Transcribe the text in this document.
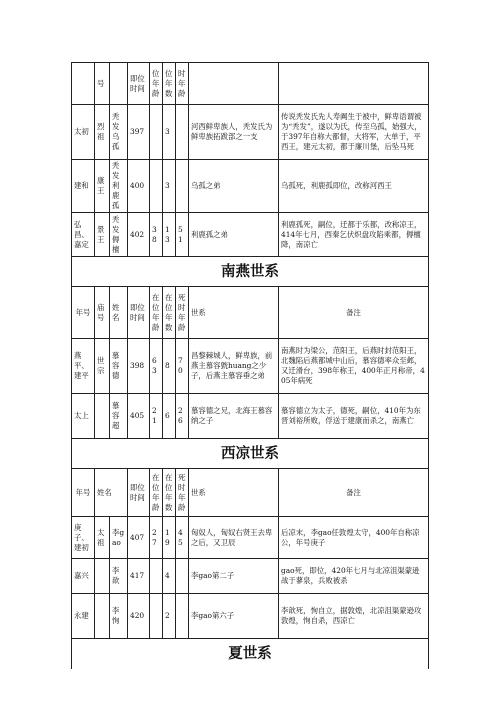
	号		即位时间	位年龄	位年数	时年龄		
太初	烈祖	秃发乌孤	397		3		河西鲜卑族人，秃发氏为鲜卑族拓跋部之一支	传说秃发氏先人寿阗生于被中，鲜卑语谓被为“秃发”，遂以为氏，传至乌孤，始强大，于397年自称大都督，大将军，大单于，平西王，建元太初，都于廉川堡，后坠马死
建和	康王	秃发利鹿孤	400		3		乌孤之弟	乌孤死，利鹿孤即位，改称河西王
弘昌、嘉定	景王	秃发傉檀	402	38	13	51	利鹿孤之弟	利鹿孤死，嗣位，迁都于乐都，改称凉王，414年七月，西秦乞伏炽盘攻陷乘都，傉檀降，南凉亡
南燕世系								
年号	庙号	姓名	即位时间	在位年龄	在位年数	死时年龄	世系	备注
燕平、建平	世宗	慕容德	398	63	8	70	昌黎棘城人，鲜卑族，前燕主慕容皝huang之少子，后燕主慕容垂之弟	南燕时为梁公，范阳王，后燕时封范阳王，北魏陷后燕都城中山后，慕容德率众至邺，又迁滑台，398年称王，400年正月称帝，405年病死
太上		慕容超	405	21	6	26	慕容德之兄，北海王慕容纳之子	慕容德立为太子，德死，嗣位，410年为东晋刘裕所败，俘送于建康而杀之，南燕亡
西凉世系								
年号	姓名		即位时间	在位年龄	在位年数	死时年龄	世系	备注
庚子、建初	太祖	李gao	407	27	19	45	匈奴人，匈奴右贤王去卑之后，又卫辰	后凉末，李gao任敦煌太守，400年自称凉公，年号庚子
嘉兴		李歆	417		4		李gao第二子	gao死，即位，420年七月与北凉沮渠蒙逊战于蓼泉，兵败被杀
永建		李恂	420		2		李gao第六子	李歆死，恂自立，据敦煌，北凉沮渠蒙逊攻敦煌，恂自杀，西凉亡
夏世系								
